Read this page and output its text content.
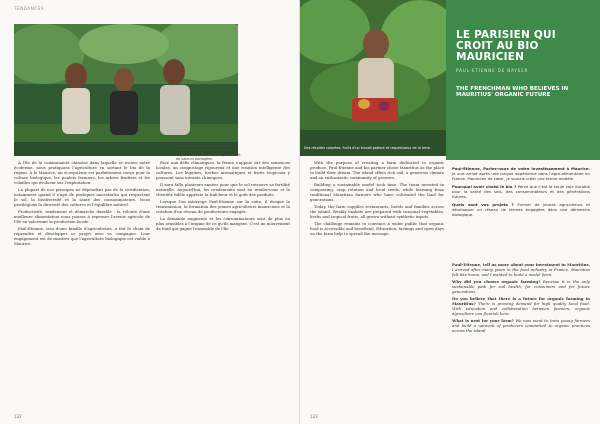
TENDANCES
Paul-Etienne de Bayser en famille dans ses champs à l'île Maurice : l'agriculture, une affaire de passion et de valeurs partagées.

À l'île de la communauté chinoise dans laquelle se trouve notre écoferme, nous pratiquons l'agriculture en sortant le bio de la région. À la Maurice, un écosystème est parfaitement conçu pour la culture biologique, les poulets fermiers, les arbres fruitiers et les volailles qui évoluent sur l'exploitation.

La plupart de nos principes ne dépendent pas de la certification, notamment quand il s'agit de pratiques ancestrales qui respectent le sol, la biodiversité et la santé des consommateurs. Nous privilégions la diversité des cultures et l'équilibre naturel.

Productivité, rendement et démarche durable : la volonté d'une meilleure alimentation nous pousse à repenser l'avenir agricole de l'île en valorisant la production locale.

Paul-Etienne, issu d'une famille d'agriculteurs, a fait le choix de reprendre et développer ce projet avec sa compagne. Leur engagement est de montrer que l'agriculture biologique est viable à Maurice.

Face aux défis climatiques, la ferme s'appuie sur des semences locales, un compostage rigoureux et une rotation intelligente des cultures. Les légumes, herbes aromatiques et fruits tropicaux y poussent sans intrants chimiques.

Il aura fallu plusieurs années pour que le sol retrouve sa fertilité naturelle. Aujourd'hui, les rendements sont au rendez-vous et la clientèle fidèle apprécie la fraîcheur et le goût des produits.

Lorsque l'on interroge Paul-Etienne sur la suite, il évoque la transmission, la formation des jeunes agriculteurs mauriciens et la création d'un réseau de producteurs engagés.

La demande augmente et les consommateurs sont de plus en plus sensibles à l'origine de ce qu'ils mangent. C'est un mouvement de fond qui gagne l'ensemble de l'île.

132	133
Des récoltes colorées, fruits d'un travail patient et respectueux de la terre.
LE PARISIEN QUI CROIT AU BIO MAURICIEN
PAUL-ETIENNE DE BAYSER
THE FRENCHMAN WHO BELIEVES IN MAURITIUS' ORGANIC FUTURE

With the purpose of creating a farm dedicated to organic produce, Paul-Etienne and his partner chose Mauritius as the place to build their dream. The island offers rich soil, a generous climate and an enthusiastic community of growers.

Building a sustainable model took time. The team invested in composting, crop rotation and local seeds, while learning from traditional Mauritian farmers who have cultivated the land for generations.

Today, the farm supplies restaurants, hotels and families across the island. Weekly baskets are prepared with seasonal vegetables, herbs and tropical fruits, all grown without synthetic inputs.

The challenge remains to convince a wider public that organic food is accessible and beneficial. Education, tastings and open days on the farm help to spread the message.

Paul-Etienne, Parlez-nous de votre investissement à Maurice. Je suis arrivé après une longue expérience dans l'agro-alimentaire en France. Mauricien de cœur, je voulais créer une ferme modèle.

Pourquoi avoir choisi le bio ? Parce que c'est la seule voie durable pour la santé des sols, des consommateurs et des générations futures.

Quels sont vos projets ? Former de jeunes agriculteurs et développer un réseau de fermes engagées dans une démarche biologique.

Paul-Etienne, tell us more about your investment in Mauritius. I arrived after many years in the food industry in France. Mauritius felt like home, and I wanted to build a model farm.

Why did you choose organic farming? Because it is the only sustainable path for soil health, for consumers and for future generations.

Do you believe that there is a future for organic farming in Mauritius? There is growing demand for high quality local food. With education and collaboration between farmers, organic agriculture can flourish here.

What is next for your farm? We now want to train young farmers and build a network of producers committed to organic practices across the island.
